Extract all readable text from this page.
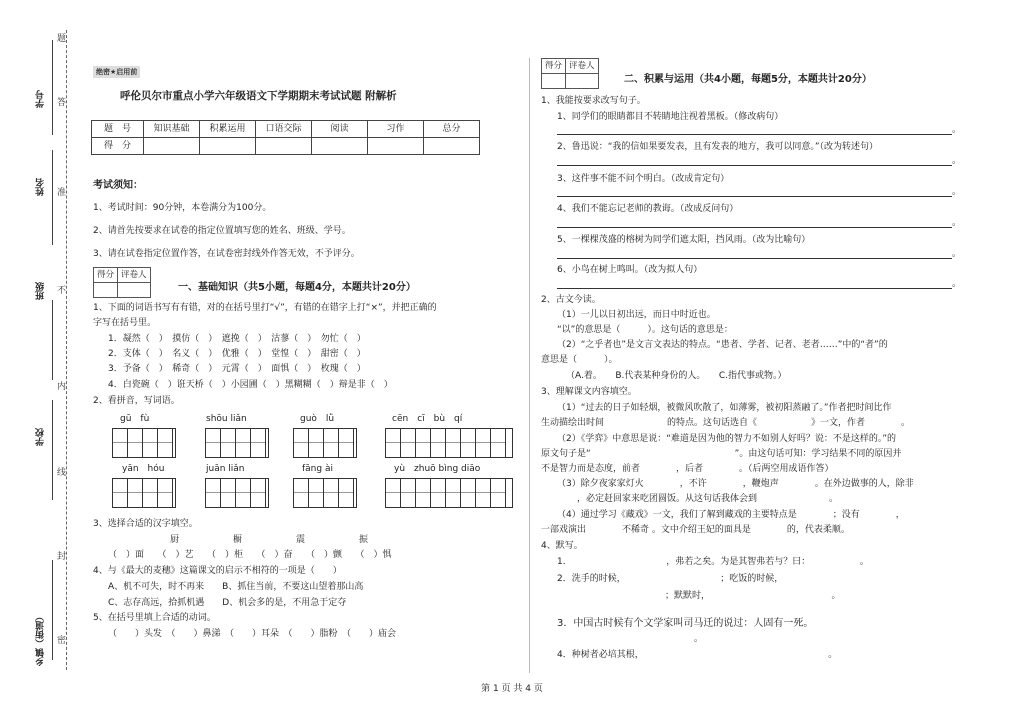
学号
姓名
班级
学校
乡镇（街道）
题
答
准
不
内
线
封
密
绝密★启用前
呼伦贝尔市重点小学六年级语文下学期期末考试试题 附解析
题　号	知识基础	积累运用	口语交际	阅读	习作	总分
得　分						
考试须知：
1、考试时间：90分钟，本卷满分为100分。
2、请首先按要求在试卷的指定位置填写您的姓名、班级、学号。
3、请在试卷指定位置作答，在试卷密封线外作答无效，不予评分。
得分	评卷人

一、基础知识（共5小题，每题4分，本题共计20分）
1、下面的词语书写有有错，对的在括号里打“√”，有错的在错字上打“×”，并把正确的
字写在括号里。
1．凝然（　）　摸仿（　）　遮挽（　）　沽蓼（　）　勿忙（　）
2．支体（　）　名义（　）　优雅（　）　堂惶（　）　甜密（　）
3．予备（　）　稀奇（　）　元霄（　）　面惧（　）　枚瑰（　）
4．白瓷碗（　）诳天桥（　）小园圃（　）黑糊糊（　）辩是非（　）
2、看拼音，写词语。
gū　fù	shōu liǎn	guò　lǜ	cēn　cī　bù　qí
yān　hóu	juān liǎn	fāng ài	yù　zhuō bìng diāo
3、选择合适的汉字填空。
厨　　　　　　橱　　　　　　震　　　　　　振
（　）面　　（　）艺　　（　）柜　　（　）奋　　（　）颤　　（　）惧
4、与《最大的麦穗》这篇课文的启示不相符的一项是（　　）
A、机不可失，时不再来　　B、抓住当前，不要这山望着那山高
C、志存高远，拾抓机遇　　D、机会多的是，不用急于定夺
5、在括号里填上合适的动词。
（　　）头发　（　　）鼻涕　（　　）耳朵　（　　）脂粉　（　　）庙会
得分	评卷人

二、积累与运用（共4小题，每题5分，本题共计20分）
1、我能按要求改写句子。
1、同学们的眼睛都目不转睛地注视着黑板。（修改病句）
。
2、鲁迅说：“我的信如果要发表，且有发表的地方，我可以同意。”（改为转述句）
。
3、这件事不能不问个明白。（改成肯定句）
。
4、我们不能忘记老师的教诲。（改成反问句）
。
5、一棵棵茂盛的榕树为同学们遮太阳，挡风雨。（改为比喻句）
。
6、小鸟在树上鸣叫。（改为拟人句）
。
2、古文今读。
（1）一儿以日初出远，而日中时近也。
“以”的意思是（　　　）。这句话的意思是：
（2）“之乎者也”是文言文表达的特点。“患者、学者、记者、老者……”中的“者”的
意思是（　　　）。
（A.着。　　B.代表某种身份的人。　　C.指代事或物。）
3、理解课文内容填空。
（1）“过去的日子如轻烟，被微风吹散了，如薄雾，被初阳蒸融了。”作者把时间比作
生动描绘出时间　　　　　　　的特点。这句话选自《　　　　　　》一文，作者　　　　。
（2）《学弈》中意思是说：“难道是因为他的智力不如别人好吗？说：不是这样的。”的
原文句子是“　　　　　　　　　　　　　　　　”。由这句话可知：学习结果不同的原因并
不是智力而是态度，前者　　　　，后者　　　　。（后两空用成语作答）
（3）除夕夜家家灯火　　　　，不许　　　　，鞭炮声　　　　。在外边做事的人，除非
　　　　，必定赶回家来吃团圆饭。从这句话我体会到　　　　　　　　。
（4）通过学习《藏戏》一文，我们了解到藏戏的主要特点是　　　　；没有　　　　，
一部戏演出　　　　不稀奇 。文中介绍王妃的面具是　　　　的，代表柔顺。
4、默写。
1．　　　　　　　　　　　，弗若之矣。为是其智弗若与？曰：　　　　　　。
2．洗手的时候，　　　　　　　　　　　；吃饭的时候，
　　　　　　　　　　　　；默默时，　　　　　　　　　　　　　　。
3．中国古时候有个文学家叫司马迁的说过：人固有一死。　　　　　　　　
　　　　　　　　　　　　　　　　　。
4．种树者必培其根，　　　　　　　　　　　　　　　　　　　　　。
第 1 页 共 4 页
